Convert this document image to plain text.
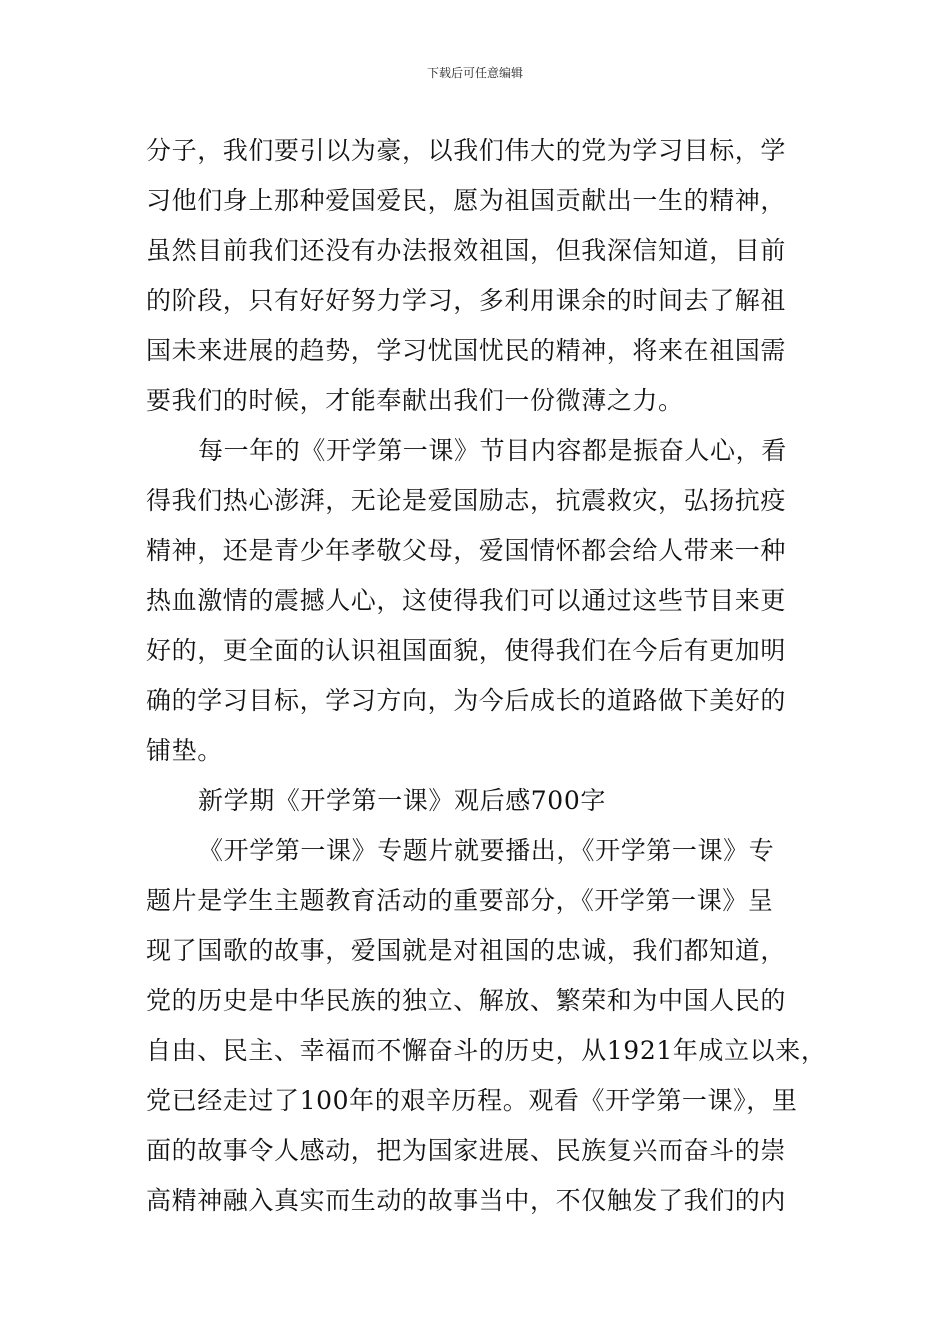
下载后可任意编辑
分子，我们要引以为豪，以我们伟大的党为学习目标，学
习他们身上那种爱国爱民，愿为祖国贡献出一生的精神，
虽然目前我们还没有办法报效祖国，但我深信知道，目前
的阶段，只有好好努力学习，多利用课余的时间去了解祖
国未来进展的趋势，学习忧国忧民的精神，将来在祖国需
要我们的时候，才能奉献出我们一份微薄之力。
每一年的《开学第一课》节目内容都是振奋人心，看
得我们热心澎湃，无论是爱国励志，抗震救灾，弘扬抗疫
精神，还是青少年孝敬父母，爱国情怀都会给人带来一种
热血激情的震撼人心，这使得我们可以通过这些节目来更
好的，更全面的认识祖国面貌，使得我们在今后有更加明
确的学习目标，学习方向，为今后成长的道路做下美好的
铺垫。
新学期《开学第一课》观后感700字
《开学第一课》专题片就要播出，《开学第一课》专
题片是学生主题教育活动的重要部分，《开学第一课》呈
现了国歌的故事，爱国就是对祖国的忠诚，我们都知道，
党的历史是中华民族的独立、解放、繁荣和为中国人民的
自由、民主、幸福而不懈奋斗的历史，从1921年成立以来，
党已经走过了100年的艰辛历程。观看《开学第一课》，里
面的故事令人感动，把为国家进展、民族复兴而奋斗的崇
高精神融入真实而生动的故事当中，不仅触发了我们的内
